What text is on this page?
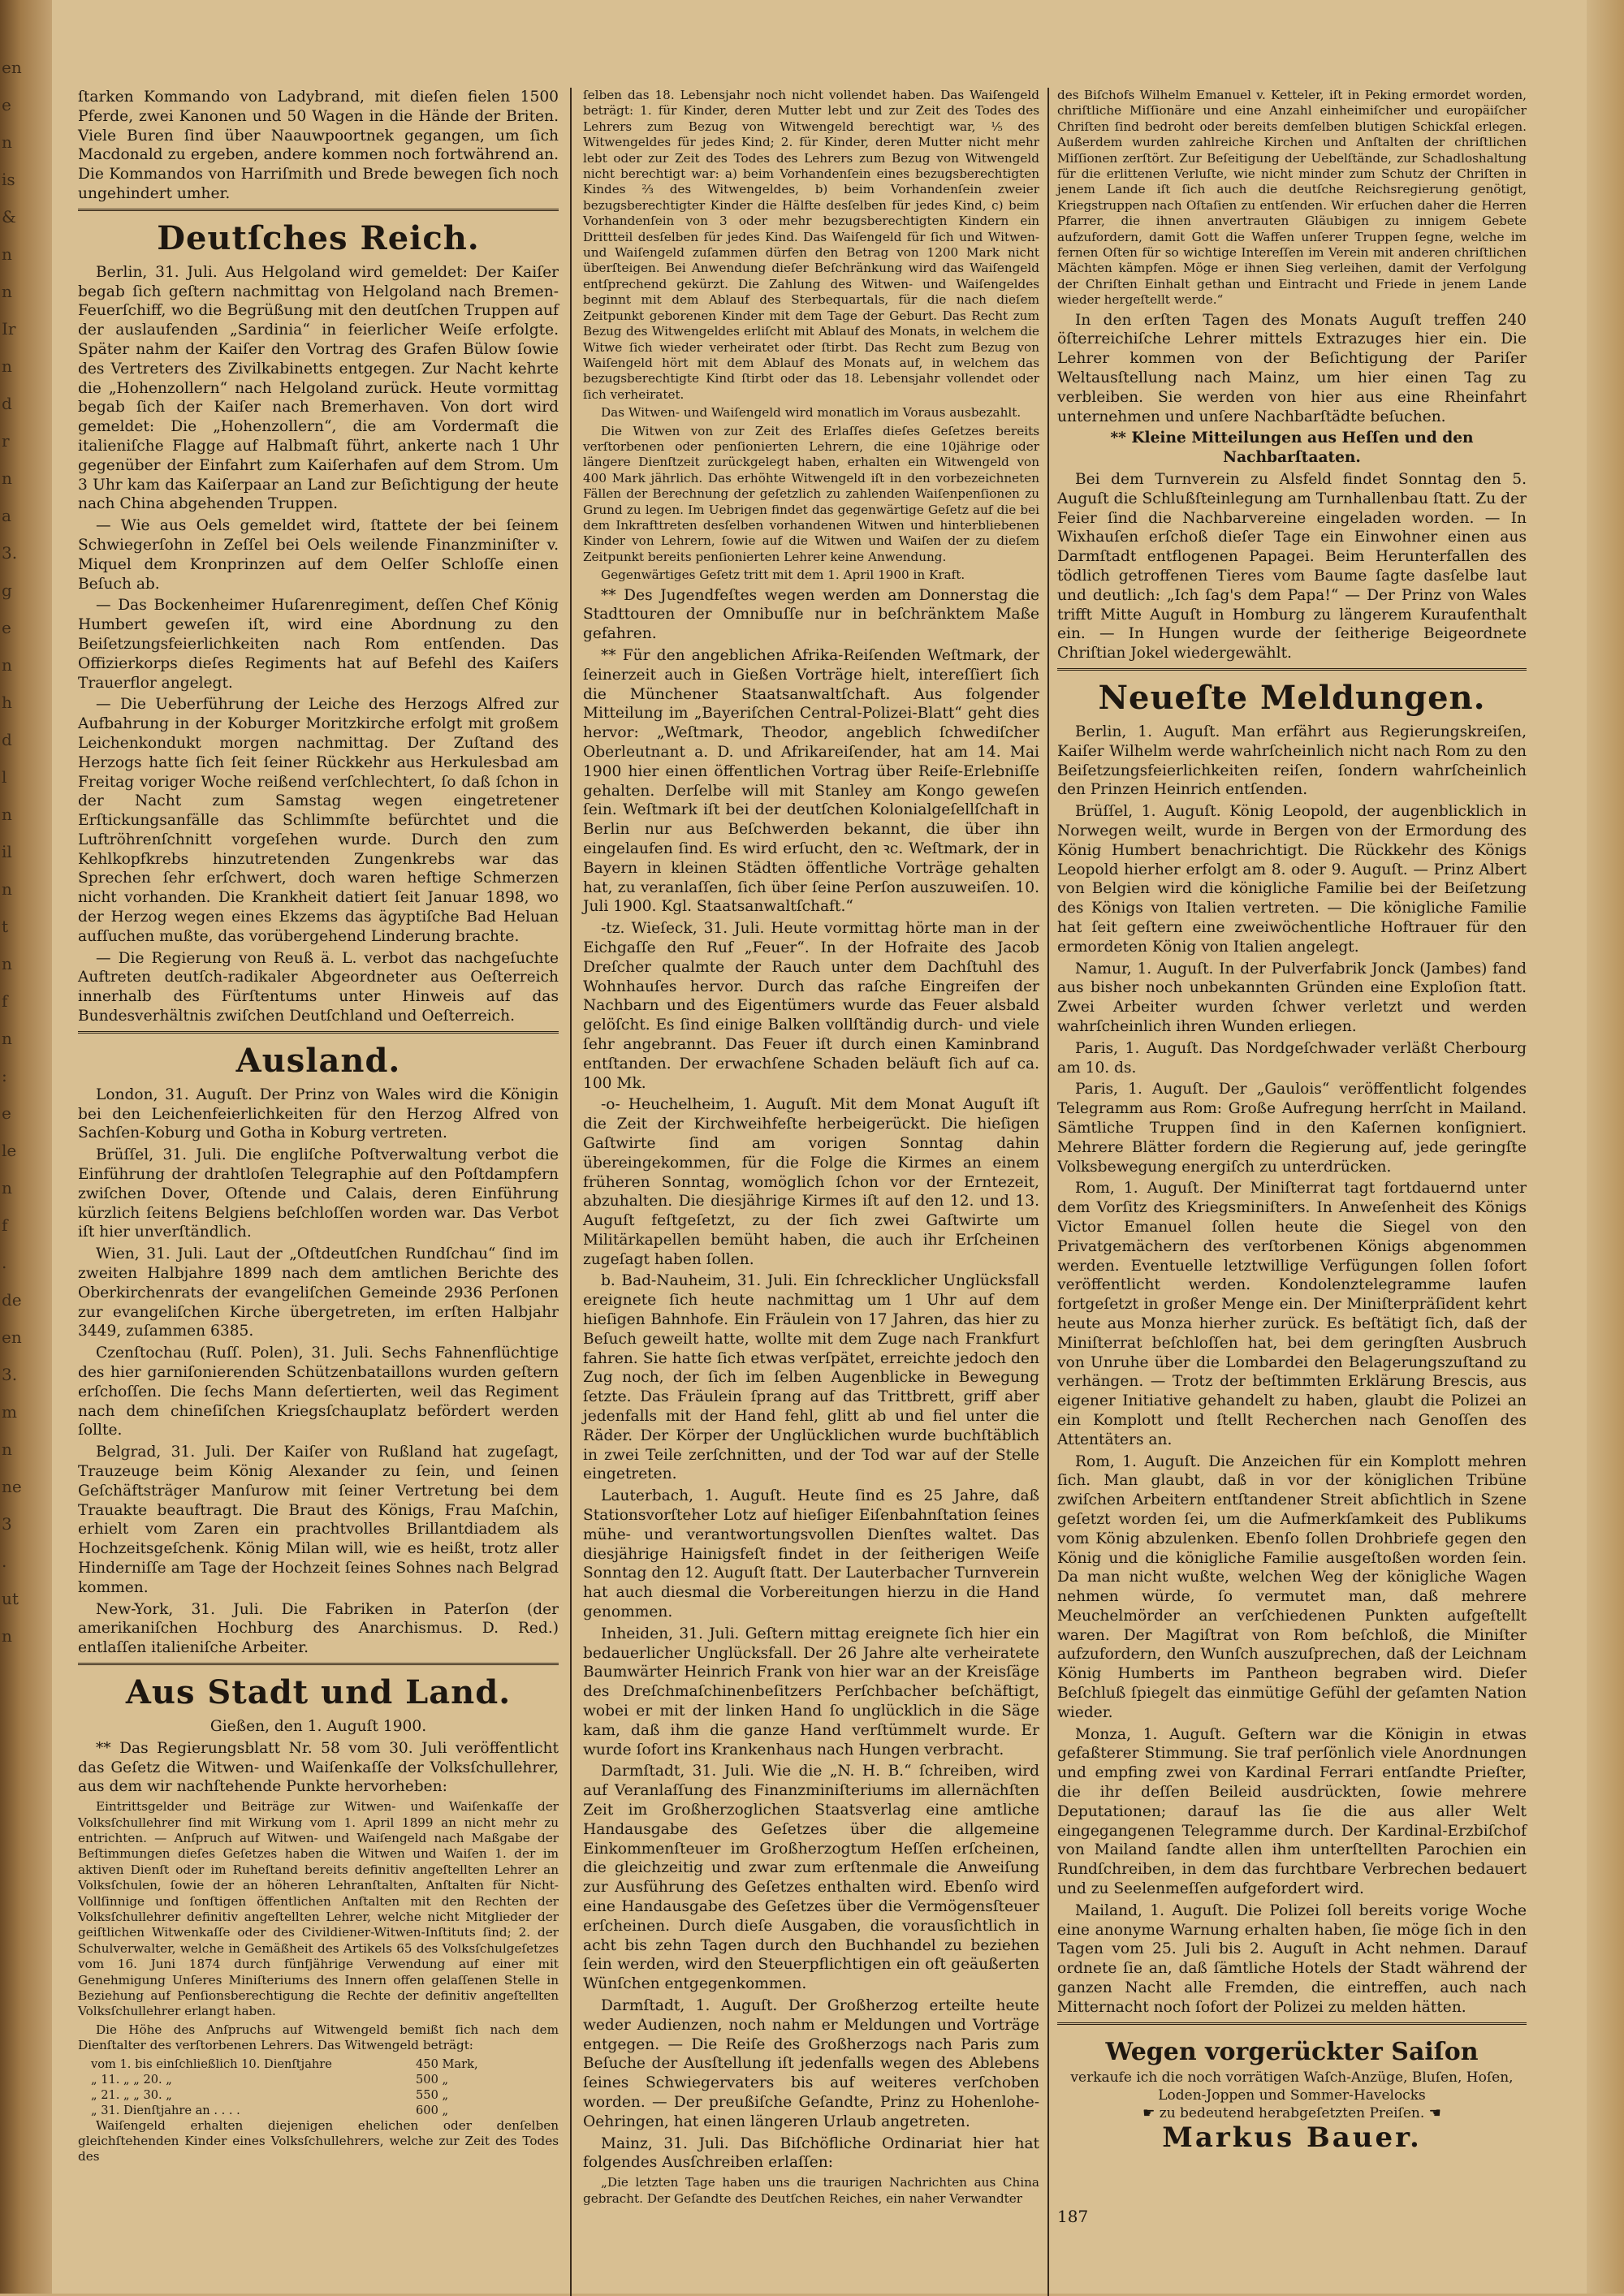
en
e
n
is
&
n
n
Ir
n
d
r
n
a
3.
g
e
n
h
d
l
n
il
n
t
n
f
n
:
e
le
n
f
.
de
en
3.
m
n
ne
3
.
ut
n

ſtarken Kommando von Ladybrand, mit dieſen fielen 1500 Pferde, zwei Kanonen und 50 Wagen in die Hände der Briten. Viele Buren ſind über Naauwpoortnek gegangen, um ſich Macdonald zu ergeben, andere kommen noch fortwährend an. Die Kommandos von Harriſmith und Brede bewegen ſich noch ungehindert umher.

Deutſches Reich.

Berlin, 31. Juli. Aus Helgoland wird gemeldet: Der Kaiſer begab ſich geſtern nachmittag von Helgoland nach Bremen-Feuerſchiff, wo die Begrüßung mit den deutſchen Truppen auf der auslaufenden „Sardinia“ in feierlicher Weiſe erfolgte. Später nahm der Kaiſer den Vortrag des Grafen Bülow ſowie des Vertreters des Zivilkabinetts entgegen. Zur Nacht kehrte die „Hohenzollern“ nach Helgoland zurück. Heute vormittag begab ſich der Kaiſer nach Bremerhaven. Von dort wird gemeldet: Die „Hohenzollern“, die am Vordermaſt die italieniſche Flagge auf Halbmaſt führt, ankerte nach 1 Uhr gegenüber der Einfahrt zum Kaiſerhafen auf dem Strom. Um 3 Uhr kam das Kaiſerpaar an Land zur Beſichtigung der heute nach China abgehenden Truppen.

— Wie aus Oels gemeldet wird, ſtattete der bei ſeinem Schwiegerſohn in Zeſſel bei Oels weilende Finanzminiſter v. Miquel dem Kronprinzen auf dem Oelſer Schloſſe einen Beſuch ab.

— Das Bockenheimer Huſarenregiment, deſſen Chef König Humbert geweſen iſt, wird eine Abordnung zu den Beiſetzungsfeierlichkeiten nach Rom entſenden. Das Offizierkorps dieſes Regiments hat auf Befehl des Kaiſers Trauerflor angelegt.

— Die Ueberführung der Leiche des Herzogs Alfred zur Aufbahrung in der Koburger Moritzkirche erfolgt mit großem Leichenkondukt morgen nachmittag. Der Zuſtand des Herzogs hatte ſich ſeit ſeiner Rückkehr aus Herkulesbad am Freitag voriger Woche reißend verſchlechtert, ſo daß ſchon in der Nacht zum Samstag wegen eingetretener Erſtickungsanfälle das Schlimmſte befürchtet und die Luftröhrenſchnitt vorgeſehen wurde. Durch den zum Kehlkopfkrebs hinzutretenden Zungenkrebs war das Sprechen ſehr erſchwert, doch waren heftige Schmerzen nicht vorhanden. Die Krankheit datiert ſeit Januar 1898, wo der Herzog wegen eines Ekzems das ägyptiſche Bad Heluan aufſuchen mußte, das vorübergehend Linderung brachte.

— Die Regierung von Reuß ä. L. verbot das nachgeſuchte Auftreten deutſch-radikaler Abgeordneter aus Oeſterreich innerhalb des Fürſtentums unter Hinweis auf das Bundesverhältnis zwiſchen Deutſchland und Oeſterreich.

Ausland.

London, 31. Auguſt. Der Prinz von Wales wird die Königin bei den Leichenfeierlichkeiten für den Herzog Alfred von Sachſen-Koburg und Gotha in Koburg vertreten.

Brüſſel, 31. Juli. Die engliſche Poſtverwaltung verbot die Einführung der drahtloſen Telegraphie auf den Poſtdampfern zwiſchen Dover, Oſtende und Calais, deren Einführung kürzlich ſeitens Belgiens beſchloſſen worden war. Das Verbot iſt hier unverſtändlich.

Wien, 31. Juli. Laut der „Oſtdeutſchen Rundſchau“ ſind im zweiten Halbjahre 1899 nach dem amtlichen Berichte des Oberkirchenrats der evangeliſchen Gemeinde 2936 Perſonen zur evangeliſchen Kirche übergetreten, im erſten Halbjahr 3449, zuſammen 6385.

Czenſtochau (Ruſſ. Polen), 31. Juli. Sechs Fahnenflüchtige des hier garniſonierenden Schützenbataillons wurden geſtern erſchoſſen. Die ſechs Mann deſertierten, weil das Regiment nach dem chineſiſchen Kriegsſchauplatz befördert werden ſollte.

Belgrad, 31. Juli. Der Kaiſer von Rußland hat zugeſagt, Trauzeuge beim König Alexander zu ſein, und ſeinen Geſchäftsträger Manſurow mit ſeiner Vertretung bei dem Trauakte beauftragt. Die Braut des Königs, Frau Maſchin, erhielt vom Zaren ein prachtvolles Brillantdiadem als Hochzeitsgeſchenk. König Milan will, wie es heißt, trotz aller Hinderniſſe am Tage der Hochzeit ſeines Sohnes nach Belgrad kommen.

New-York, 31. Juli. Die Fabriken in Paterſon (der amerikaniſchen Hochburg des Anarchismus. D. Red.) entlaſſen italieniſche Arbeiter.

Aus Stadt und Land.

Gießen, den 1. Auguſt 1900.

** Das Regierungsblatt Nr. 58 vom 30. Juli veröffentlicht das Geſetz die Witwen- und Waiſenkaſſe der Volksſchullehrer, aus dem wir nachſtehende Punkte hervorheben:

Eintrittsgelder und Beiträge zur Witwen- und Waiſenkaſſe der Volksſchullehrer ſind mit Wirkung vom 1. April 1899 an nicht mehr zu entrichten. — Anſpruch auf Witwen- und Waiſengeld nach Maßgabe der Beſtimmungen dieſes Geſetzes haben die Witwen und Waiſen 1. der im aktiven Dienſt oder im Ruheſtand bereits definitiv angeſtellten Lehrer an Volksſchulen, ſowie der an höheren Lehranſtalten, Anſtalten für Nicht-Vollſinnige und ſonſtigen öffentlichen Anſtalten mit den Rechten der Volksſchullehrer definitiv angeſtellten Lehrer, welche nicht Mitglieder der geiſtlichen Witwenkaſſe oder des Civildiener-Witwen-Inſtituts ſind; 2. der Schulverwalter, welche in Gemäßheit des Artikels 65 des Volksſchulgeſetzes vom 16. Juni 1874 durch fünfjährige Verwendung auf einer mit Genehmigung Unſeres Miniſteriums des Innern offen gelaſſenen Stelle in Beziehung auf Penſionsberechtigung die Rechte der definitiv angeſtellten Volksſchullehrer erlangt haben.

Die Höhe des Anſpruchs auf Witwengeld bemißt ſich nach dem Dienſtalter des verſtorbenen Lehrers. Das Witwengeld beträgt:

vom 1. bis einſchließlich 10. Dienſtjahre	450 Mark,
„ 11. „ „ 20. „	500 „
„ 21. „ „ 30. „	550 „
„ 31. Dienſtjahre an . . . .	600 „

Waiſengeld erhalten diejenigen ehelichen oder denſelben gleichſtehenden Kinder eines Volksſchullehrers, welche zur Zeit des Todes des

ſelben das 18. Lebensjahr noch nicht vollendet haben. Das Waiſengeld beträgt: 1. für Kinder, deren Mutter lebt und zur Zeit des Todes des Lehrers zum Bezug von Witwengeld berechtigt war, ⅕ des Witwengeldes für jedes Kind; 2. für Kinder, deren Mutter nicht mehr lebt oder zur Zeit des Todes des Lehrers zum Bezug von Witwengeld nicht berechtigt war: a) beim Vorhandenſein eines bezugsberechtigten Kindes ⅔ des Witwengeldes, b) beim Vorhandenſein zweier bezugsberechtigter Kinder die Hälfte desſelben für jedes Kind, c) beim Vorhandenſein von 3 oder mehr bezugsberechtigten Kindern ein Drittteil desſelben für jedes Kind. Das Waiſengeld für ſich und Witwen- und Waiſengeld zuſammen dürfen den Betrag von 1200 Mark nicht überſteigen. Bei Anwendung dieſer Beſchränkung wird das Waiſengeld entſprechend gekürzt. Die Zahlung des Witwen- und Waiſengeldes beginnt mit dem Ablauf des Sterbequartals, für die nach dieſem Zeitpunkt geborenen Kinder mit dem Tage der Geburt. Das Recht zum Bezug des Witwengeldes erliſcht mit Ablauf des Monats, in welchem die Witwe ſich wieder verheiratet oder ſtirbt. Das Recht zum Bezug von Waiſengeld hört mit dem Ablauf des Monats auf, in welchem das bezugsberechtigte Kind ſtirbt oder das 18. Lebensjahr vollendet oder ſich verheiratet.

Das Witwen- und Waiſengeld wird monatlich im Voraus ausbezahlt.

Die Witwen von zur Zeit des Erlaſſes dieſes Geſetzes bereits verſtorbenen oder penſionierten Lehrern, die eine 10jährige oder längere Dienſtzeit zurückgelegt haben, erhalten ein Witwengeld von 400 Mark jährlich. Das erhöhte Witwengeld iſt in den vorbezeichneten Fällen der Berechnung der geſetzlich zu zahlenden Waiſenpenſionen zu Grund zu legen. Im Uebrigen findet das gegenwärtige Geſetz auf die bei dem Inkrafttreten desſelben vorhandenen Witwen und hinterbliebenen Kinder von Lehrern, ſowie auf die Witwen und Waiſen der zu dieſem Zeitpunkt bereits penſionierten Lehrer keine Anwendung.

Gegenwärtiges Geſetz tritt mit dem 1. April 1900 in Kraft.

** Des Jugendfeſtes wegen werden am Donnerstag die Stadttouren der Omnibuſſe nur in beſchränktem Maße gefahren.

** Für den angeblichen Afrika-Reiſenden Weſtmark, der ſeinerzeit auch in Gießen Vorträge hielt, intereſſiert ſich die Münchener Staatsanwaltſchaft. Aus folgender Mitteilung im „Bayeriſchen Central-Polizei-Blatt“ geht dies hervor: „Weſtmark, Theodor, angeblich ſchwediſcher Oberleutnant a. D. und Afrikareiſender, hat am 14. Mai 1900 hier einen öffentlichen Vortrag über Reiſe-Erlebniſſe gehalten. Derſelbe will mit Stanley am Kongo geweſen ſein. Weſtmark iſt bei der deutſchen Kolonialgeſellſchaft in Berlin nur aus Beſchwerden bekannt, die über ihn eingelaufen ſind. Es wird erſucht, den ꝛc. Weſtmark, der in Bayern in kleinen Städten öffentliche Vorträge gehalten hat, zu veranlaſſen, ſich über ſeine Perſon auszuweiſen. 10. Juli 1900. Kgl. Staatsanwaltſchaft.“

-tz. Wieſeck, 31. Juli. Heute vormittag hörte man in der Eichgaſſe den Ruf „Feuer“. In der Hofraite des Jacob Dreſcher qualmte der Rauch unter dem Dachſtuhl des Wohnhauſes hervor. Durch das raſche Eingreifen der Nachbarn und des Eigentümers wurde das Feuer alsbald gelöſcht. Es ſind einige Balken vollſtändig durch- und viele ſehr angebrannt. Das Feuer iſt durch einen Kaminbrand entſtanden. Der erwachſene Schaden beläuft ſich auf ca. 100 Mk.

-o- Heuchelheim, 1. Auguſt. Mit dem Monat Auguſt iſt die Zeit der Kirchweihfeſte herbeigerückt. Die hieſigen Gaſtwirte ſind am vorigen Sonntag dahin übereingekommen, für die Folge die Kirmes an einem früheren Sonntag, womöglich ſchon vor der Erntezeit, abzuhalten. Die diesjährige Kirmes iſt auf den 12. und 13. Auguſt feſtgeſetzt, zu der ſich zwei Gaſtwirte um Militärkapellen bemüht haben, die auch ihr Erſcheinen zugeſagt haben ſollen.

b. Bad-Nauheim, 31. Juli. Ein ſchrecklicher Unglücksfall ereignete ſich heute nachmittag um 1 Uhr auf dem hieſigen Bahnhofe. Ein Fräulein von 17 Jahren, das hier zu Beſuch geweilt hatte, wollte mit dem Zuge nach Frankfurt fahren. Sie hatte ſich etwas verſpätet, erreichte jedoch den Zug noch, der ſich im ſelben Augenblicke in Bewegung ſetzte. Das Fräulein ſprang auf das Trittbrett, griff aber jedenfalls mit der Hand fehl, glitt ab und fiel unter die Räder. Der Körper der Unglücklichen wurde buchſtäblich in zwei Teile zerſchnitten, und der Tod war auf der Stelle eingetreten.

Lauterbach, 1. Auguſt. Heute ſind es 25 Jahre, daß Stationsvorſteher Lotz auf hieſiger Eiſenbahnſtation ſeines mühe- und verantwortungsvollen Dienſtes waltet. Das diesjährige Hainigsfeſt findet in der ſeitherigen Weiſe Sonntag den 12. Auguſt ſtatt. Der Lauterbacher Turnverein hat auch diesmal die Vorbereitungen hierzu in die Hand genommen.

Inheiden, 31. Juli. Geſtern mittag ereignete ſich hier ein bedauerlicher Unglücksfall. Der 26 Jahre alte verheiratete Baumwärter Heinrich Frank von hier war an der Kreisſäge des Dreſchmaſchinenbeſitzers Perſchbacher beſchäftigt, wobei er mit der linken Hand ſo unglücklich in die Säge kam, daß ihm die ganze Hand verſtümmelt wurde. Er wurde ſofort ins Krankenhaus nach Hungen verbracht.

Darmſtadt, 31. Juli. Wie die „N. H. B.“ ſchreiben, wird auf Veranlaſſung des Finanzminiſteriums im allernächſten Zeit im Großherzoglichen Staatsverlag eine amtliche Handausgabe des Geſetzes über die allgemeine Einkommenſteuer im Großherzogtum Heſſen erſcheinen, die gleichzeitig und zwar zum erſtenmale die Anweiſung zur Ausführung des Geſetzes enthalten wird. Ebenſo wird eine Handausgabe des Geſetzes über die Vermögensſteuer erſcheinen. Durch dieſe Ausgaben, die vorausſichtlich in acht bis zehn Tagen durch den Buchhandel zu beziehen ſein werden, wird den Steuerpflichtigen ein oft geäußerten Wünſchen entgegenkommen.

Darmſtadt, 1. Auguſt. Der Großherzog erteilte heute weder Audienzen, noch nahm er Meldungen und Vorträge entgegen. — Die Reiſe des Großherzogs nach Paris zum Beſuche der Ausſtellung iſt jedenfalls wegen des Ablebens ſeines Schwiegervaters bis auf weiteres verſchoben worden. — Der preußiſche Geſandte, Prinz zu Hohenlohe-Oehringen, hat einen längeren Urlaub angetreten.

Mainz, 31. Juli. Das Biſchöfliche Ordinariat hier hat folgendes Ausſchreiben erlaſſen:

„Die letzten Tage haben uns die traurigen Nachrichten aus China gebracht. Der Geſandte des Deutſchen Reiches, ein naher Verwandter

des Biſchofs Wilhelm Emanuel v. Ketteler, iſt in Peking ermordet worden, chriſtliche Miſſionäre und eine Anzahl einheimiſcher und europäiſcher Chriſten ſind bedroht oder bereits demſelben blutigen Schickſal erlegen. Außerdem wurden zahlreiche Kirchen und Anſtalten der chriſtlichen Miſſionen zerſtört. Zur Beſeitigung der Uebelſtände, zur Schadloshaltung für die erlittenen Verluſte, wie nicht minder zum Schutz der Chriſten in jenem Lande iſt ſich auch die deutſche Reichsregierung genötigt, Kriegstruppen nach Oſtaſien zu entſenden. Wir erſuchen daher die Herren Pfarrer, die ihnen anvertrauten Gläubigen zu innigem Gebete aufzufordern, damit Gott die Waffen unſerer Truppen ſegne, welche im fernen Oſten für so wichtige Intereſſen im Verein mit anderen chriſtlichen Mächten kämpfen. Möge er ihnen Sieg verleihen, damit der Verfolgung der Chriſten Einhalt gethan und Eintracht und Friede in jenem Lande wieder hergeſtellt werde.“

In den erſten Tagen des Monats Auguſt treffen 240 öſterreichiſche Lehrer mittels Extrazuges hier ein. Die Lehrer kommen von der Beſichtigung der Pariſer Weltausſtellung nach Mainz, um hier einen Tag zu verbleiben. Sie werden von hier aus eine Rheinfahrt unternehmen und unſere Nachbarſtädte beſuchen.

** Kleine Mitteilungen aus Heſſen und den Nachbarſtaaten.

Bei dem Turnverein zu Alsfeld findet Sonntag den 5. Auguſt die Schlußſteinlegung am Turnhallenbau ſtatt. Zu der Feier ſind die Nachbarvereine eingeladen worden. — In Wixhauſen erſchoß dieſer Tage ein Einwohner einen aus Darmſtadt entflogenen Papagei. Beim Herunterfallen des tödlich getroffenen Tieres vom Baume ſagte dasſelbe laut und deutlich: „Ich ſag's dem Papa!“ — Der Prinz von Wales trifft Mitte Auguſt in Homburg zu längerem Kuraufenthalt ein. — In Hungen wurde der ſeitherige Beigeordnete Chriſtian Jokel wiedergewählt.

Neueſte Meldungen.

Berlin, 1. Auguſt. Man erfährt aus Regierungskreiſen, Kaiſer Wilhelm werde wahrſcheinlich nicht nach Rom zu den Beiſetzungsfeierlichkeiten reiſen, ſondern wahrſcheinlich den Prinzen Heinrich entſenden.

Brüſſel, 1. Auguſt. König Leopold, der augenblicklich in Norwegen weilt, wurde in Bergen von der Ermordung des König Humbert benachrichtigt. Die Rückkehr des Königs Leopold hierher erfolgt am 8. oder 9. Auguſt. — Prinz Albert von Belgien wird die königliche Familie bei der Beiſetzung des Königs von Italien vertreten. — Die königliche Familie hat ſeit geſtern eine zweiwöchentliche Hoftrauer für den ermordeten König von Italien angelegt.

Namur, 1. Auguſt. In der Pulverfabrik Jonck (Jambes) fand aus bisher noch unbekannten Gründen eine Exploſion ſtatt. Zwei Arbeiter wurden ſchwer verletzt und werden wahrſcheinlich ihren Wunden erliegen.

Paris, 1. Auguſt. Das Nordgeſchwader verläßt Cherbourg am 10. ds.

Paris, 1. Auguſt. Der „Gaulois“ veröffentlicht folgendes Telegramm aus Rom: Große Aufregung herrſcht in Mailand. Sämtliche Truppen ſind in den Kaſernen konſigniert. Mehrere Blätter fordern die Regierung auf, jede geringſte Volksbewegung energiſch zu unterdrücken.

Rom, 1. Auguſt. Der Miniſterrat tagt fortdauernd unter dem Vorſitz des Kriegsminiſters. In Anweſenheit des Königs Victor Emanuel ſollen heute die Siegel von den Privatgemächern des verſtorbenen Königs abgenommen werden. Eventuelle letztwillige Verfügungen ſollen ſofort veröffentlicht werden. Kondolenztelegramme laufen fortgeſetzt in großer Menge ein. Der Miniſterpräſident kehrt heute aus Monza hierher zurück. Es beſtätigt ſich, daß der Miniſterrat beſchloſſen hat, bei dem geringſten Ausbruch von Unruhe über die Lombardei den Belagerungszuſtand zu verhängen. — Trotz der beſtimmten Erklärung Brescis, aus eigener Initiative gehandelt zu haben, glaubt die Polizei an ein Komplott und ſtellt Recherchen nach Genoſſen des Attentäters an.

Rom, 1. Auguſt. Die Anzeichen für ein Komplott mehren ſich. Man glaubt, daß in vor der königlichen Tribüne zwiſchen Arbeitern entſtandener Streit abſichtlich in Szene geſetzt worden ſei, um die Aufmerkſamkeit des Publikums vom König abzulenken. Ebenſo ſollen Drohbriefe gegen den König und die königliche Familie ausgeſtoßen worden ſein. Da man nicht wußte, welchen Weg der königliche Wagen nehmen würde, ſo vermutet man, daß mehrere Meuchelmörder an verſchiedenen Punkten aufgeſtellt waren. Der Magiſtrat von Rom beſchloß, die Miniſter aufzufordern, den Wunſch auszuſprechen, daß der Leichnam König Humberts im Pantheon begraben wird. Dieſer Beſchluß ſpiegelt das einmütige Gefühl der geſamten Nation wieder.

Monza, 1. Auguſt. Geſtern war die Königin in etwas gefaßterer Stimmung. Sie traf perſönlich viele Anordnungen und empfing zwei von Kardinal Ferrari entſandte Prieſter, die ihr deſſen Beileid ausdrückten, ſowie mehrere Deputationen; darauf las ſie die aus aller Welt eingegangenen Telegramme durch. Der Kardinal-Erzbiſchof von Mailand ſandte allen ihm unterſtellten Parochien ein Rundſchreiben, in dem das furchtbare Verbrechen bedauert und zu Seelenmeſſen aufgefordert wird.

Mailand, 1. Auguſt. Die Polizei ſoll bereits vorige Woche eine anonyme Warnung erhalten haben, ſie möge ſich in den Tagen vom 25. Juli bis 2. Auguſt in Acht nehmen. Darauf ordnete ſie an, daß ſämtliche Hotels der Stadt während der ganzen Nacht alle Fremden, die eintreffen, auch nach Mitternacht noch ſofort der Polizei zu melden hätten.

Wegen vorgerückter Saiſon
verkaufe ich die noch vorrätigen Waſch-Anzüge, Bluſen, Hoſen, Loden-Joppen und Sommer-Havelocks
☛ zu bedeutend herabgeſetzten Preiſen. ☚
Markus Bauer.
187
